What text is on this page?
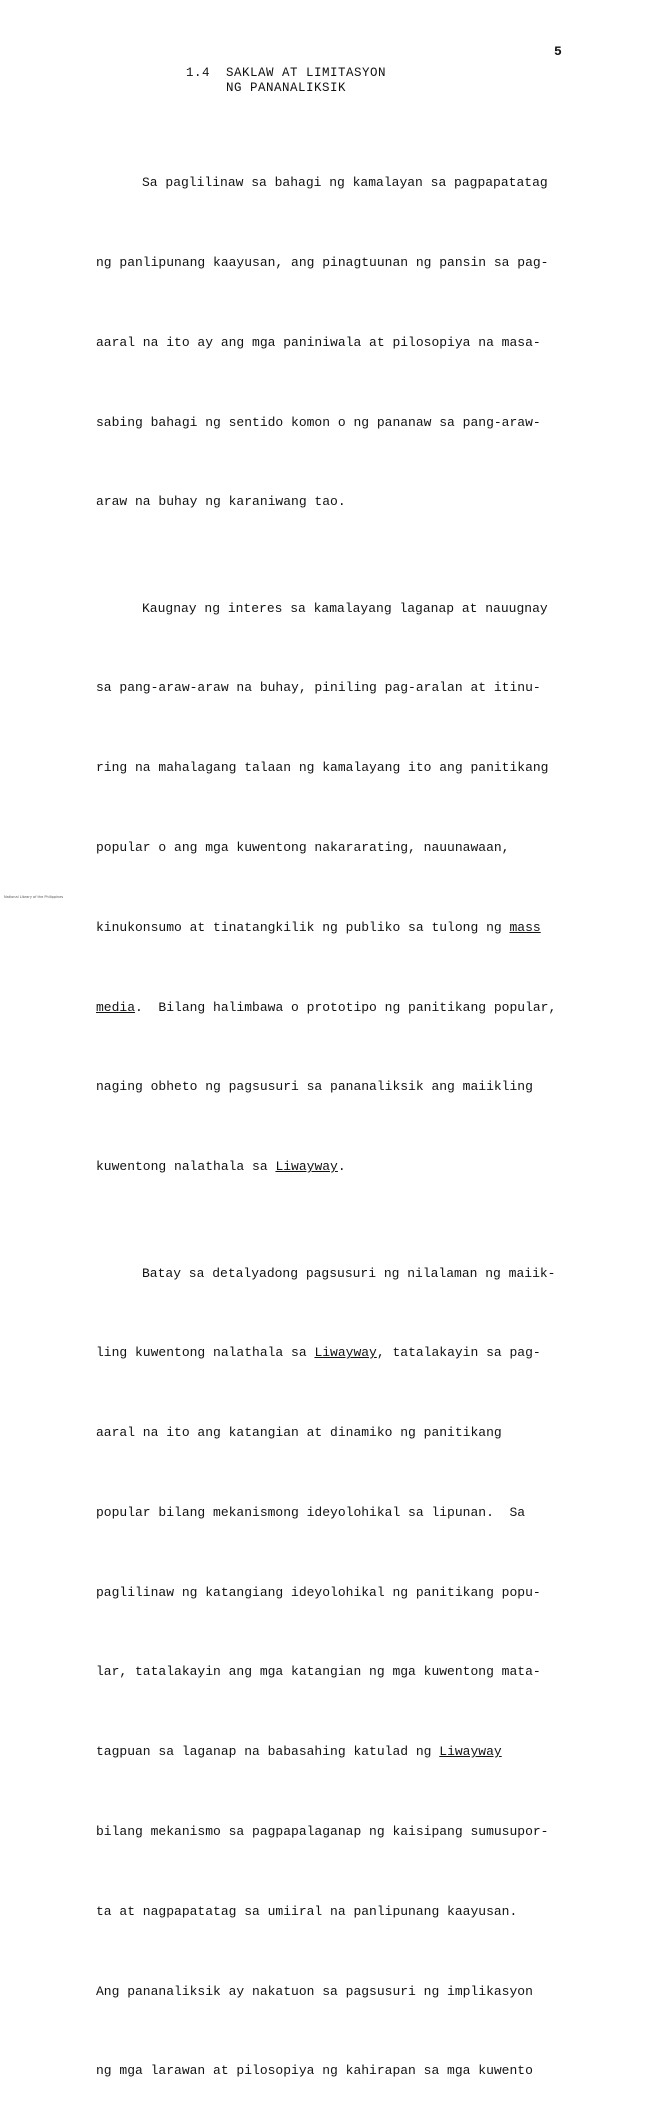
5
1.4 SAKLAW AT LIMITASYON
NG PANANALIKSIK

Sa paglilinaw sa bahagi ng kamalayan sa pagpapatatag

ng panlipunang kaayusan, ang pinagtuunan ng pansin sa pag-

aaral na ito ay ang mga paniniwala at pilosopiya na masa-

sabing bahagi ng sentido komon o ng pananaw sa pang-araw-

araw na buhay ng karaniwang tao.

Kaugnay ng interes sa kamalayang laganap at nauugnay

sa pang-araw-araw na buhay, piniling pag-aralan at itinu-

ring na mahalagang talaan ng kamalayang ito ang panitikang

popular o ang mga kuwentong nakararating, nauunawaan,

kinukonsumo at tinatangkilik ng publiko sa tulong ng mass

media.  Bilang halimbawa o prototipo ng panitikang popular,

naging obheto ng pagsusuri sa pananaliksik ang maiikling

kuwentong nalathala sa Liwayway.

Batay sa detalyadong pagsusuri ng nilalaman ng maiik-

ling kuwentong nalathala sa Liwayway, tatalakayin sa pag-

aaral na ito ang katangian at dinamiko ng panitikang

popular bilang mekanismong ideyolohikal sa lipunan.  Sa

paglilinaw ng katangiang ideyolohikal ng panitikang popu-

lar, tatalakayin ang mga katangian ng mga kuwentong mata-

tagpuan sa laganap na babasahing katulad ng Liwayway

bilang mekanismo sa pagpapalaganap ng kaisipang sumusupor-

ta at nagpapatatag sa umiiral na panlipunang kaayusan.

Ang pananaliksik ay nakatuon sa pagsusuri ng implikasyon

ng mga larawan at pilosopiya ng kahirapan sa mga kuwento

National Library of the Philippines
